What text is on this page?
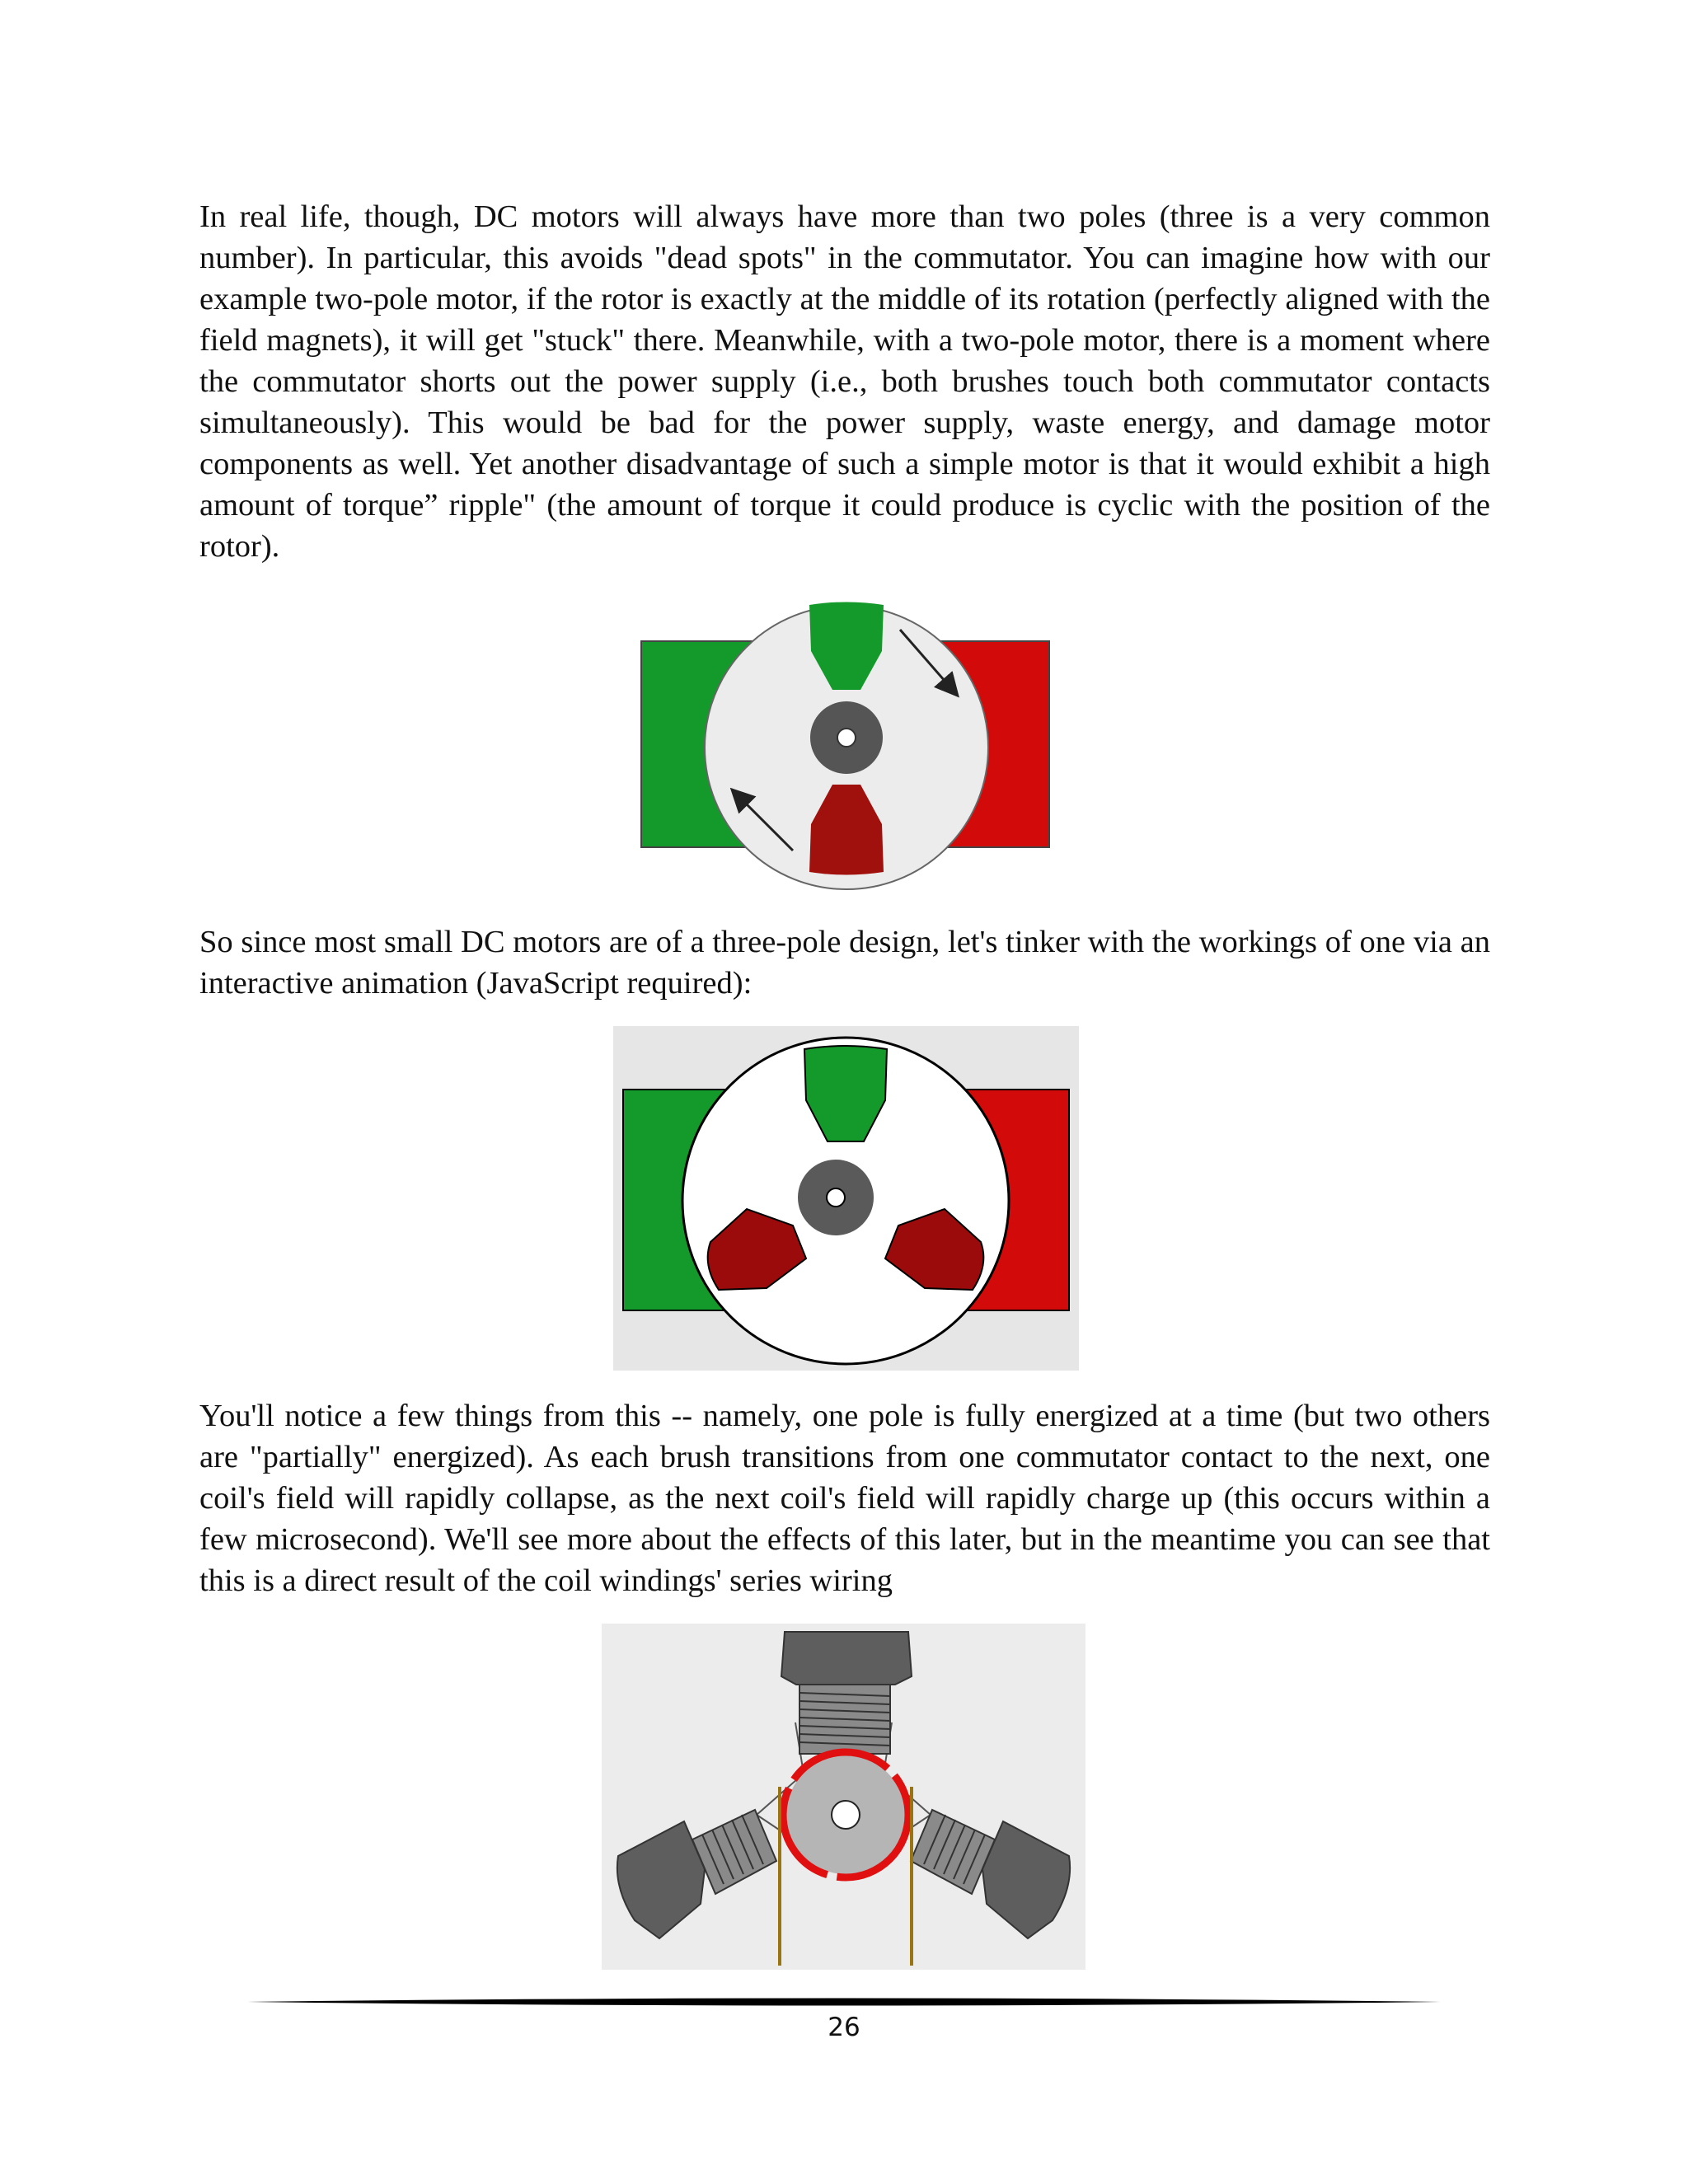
In real life, though, DC motors will always have more than two poles (three is a very common number). In particular, this avoids "dead spots" in the commutator. You can imagine how with our example two-pole motor, if the rotor is exactly at the middle of its rotation (perfectly aligned with the field magnets), it will get "stuck" there. Meanwhile, with a two-pole motor, there is a moment where the commutator shorts out the power supply (i.e., both brushes touch both commutator contacts simultaneously). This would be bad for the power supply, waste energy, and damage motor components as well. Yet another disadvantage of such a simple motor is that it would exhibit a high amount of torque” ripple" (the amount of torque it could produce is cyclic with the position of the rotor).

So since most small DC motors are of a three-pole design, let's tinker with the workings of one via an interactive animation (JavaScript required):

You'll notice a few things from this -- namely, one pole is fully energized at a time (but two others are "partially" energized). As each brush transitions from one commutator contact to the next, one coil's field will rapidly collapse, as the next coil's field will rapidly charge up (this occurs within a few microsecond). We'll see more about the effects of this later, but in the meantime you can see that this is a direct result of the coil windings' series wiring

26
